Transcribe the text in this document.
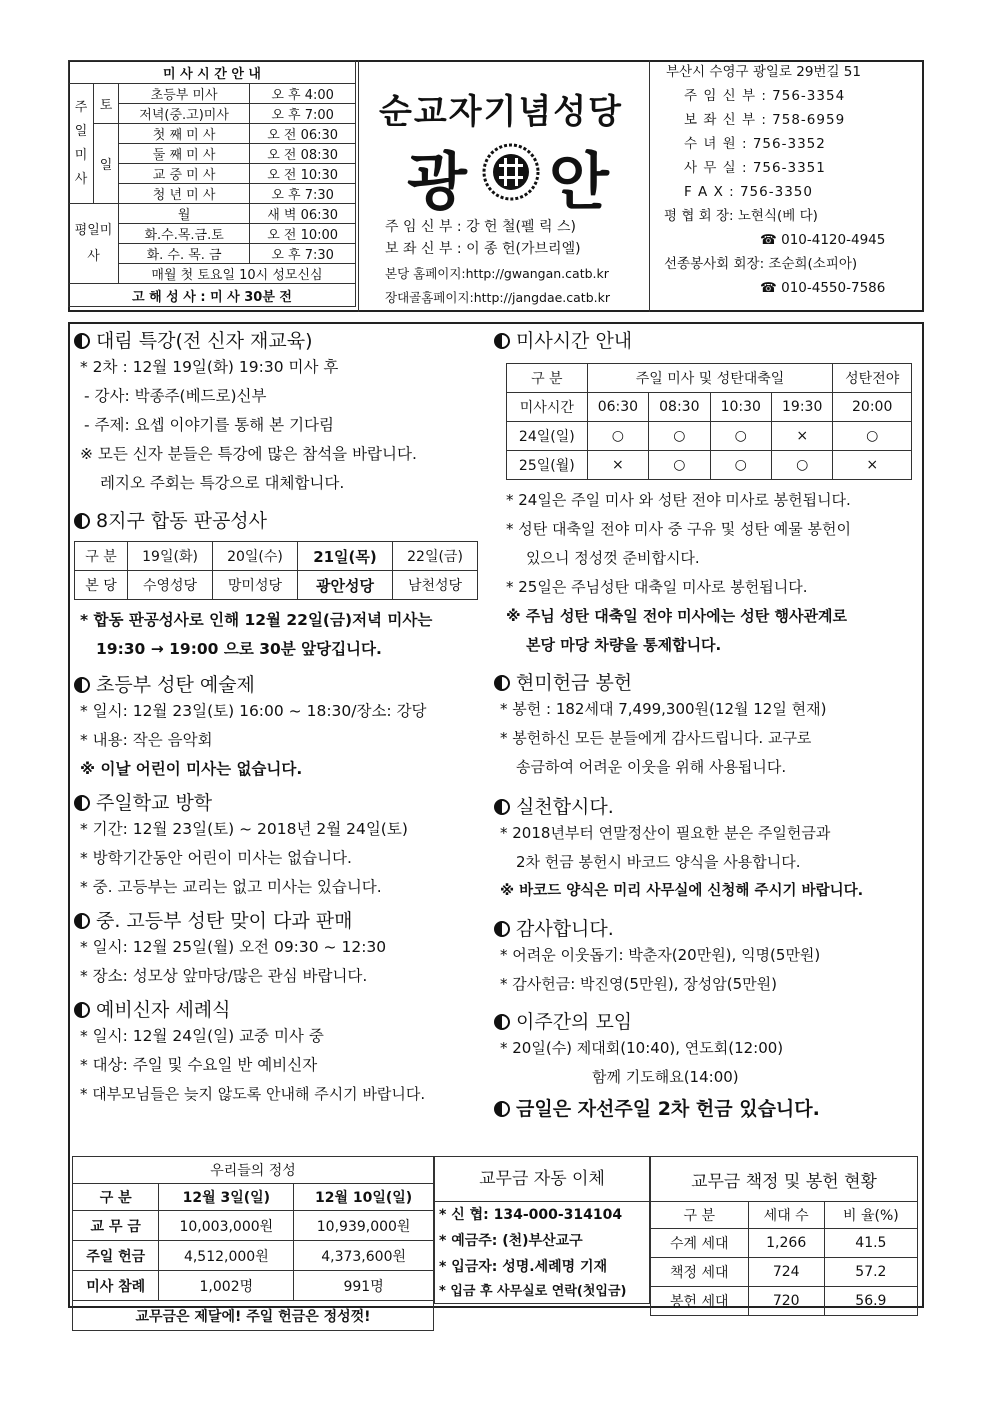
미 사 시 간 안 내			
주일미사	토	초등부 미사	오 후 4:00
		저녁(중.고)미사	오 후 7:00
	일	첫 째 미 사	오 전 06:30
		둘 째 미 사	오 전 08:30
		교 중 미 사	오 전 10:30
		청 년 미 사	오 후 7:30
평일미사		월	새 벽 06:30
		화.수.목.금.토	오 전 10:00
		화. 수. 목. 금	오 후 7:30
		매월 첫 토요일 10시 성모신심	
고 해 성 사 : 미 사 30분 전			
순교자기념성당
광 안
주 임 신 부 : 강 헌 철(펠 릭 스)
보 좌 신 부 : 이 종 헌(가브리엘)
본당 홈페이지:http://gwangan.catb.kr
장대골홈페이지:http://jangdae.catb.kr
부산시 수영구 광일로 29번길 51
주 임 신 부 : 756-3354
보 좌 신 부 : 758-6959
수 녀 원 : 756-3352
사 무 실 : 756-3351
F A X : 756-3350
평 협 회 장: 노현식(베 다)
☎ 010-4120-4945
선종봉사회 회장: 조순희(소피아)
☎ 010-4550-7586
대림 특강(전 신자 재교육)
* 2차 : 12월 19일(화) 19:30 미사 후
- 강사: 박종주(베드로)신부
- 주제: 요셉 이야기를 통해 본 기다림
※ 모든 신자 분들은 특강에 많은 참석을 바랍니다.
레지오 주회는 특강으로 대체합니다.
8지구 합동 판공성사
구 분	19일(화)	20일(수)	21일(목)	22일(금)
본 당	수영성당	망미성당	광안성당	남천성당
* 합동 판공성사로 인해 12월 22일(금)저녁 미사는
19:30 → 19:00 으로 30분 앞당깁니다.
초등부 성탄 예술제
* 일시: 12월 23일(토) 16:00 ~ 18:30/장소: 강당
* 내용: 작은 음악회
※ 이날 어린이 미사는 없습니다.
주일학교 방학
* 기간: 12월 23일(토) ~ 2018년 2월 24일(토)
* 방학기간동안 어린이 미사는 없습니다.
* 중. 고등부는 교리는 없고 미사는 있습니다.
중. 고등부 성탄 맞이 다과 판매
* 일시: 12월 25일(월) 오전 09:30 ~ 12:30
* 장소: 성모상 앞마당/많은 관심 바랍니다.
예비신자 세례식
* 일시: 12월 24일(일) 교중 미사 중
* 대상: 주일 및 수요일 반 예비신자
* 대부모님들은 늦지 않도록 안내해 주시기 바랍니다.
미사시간 안내
구 분	주일 미사 및 성탄대축일				성탄전야
미사시간	06:30	08:30	10:30	19:30	20:00
24일(일)	○	○	○	×	○
25일(월)	×	○	○	○	×
* 24일은 주일 미사 와 성탄 전야 미사로 봉헌됩니다.
* 성탄 대축일 전야 미사 중 구유 및 성탄 예물 봉헌이
있으니 정성껏 준비합시다.
* 25일은 주님성탄 대축일 미사로 봉헌됩니다.
※ 주님 성탄 대축일 전야 미사에는 성탄 행사관계로
본당 마당 차량을 통제합니다.
현미헌금 봉헌
* 봉헌 : 182세대 7,499,300원(12월 12일 현재)
* 봉헌하신 모든 분들에게 감사드립니다. 교구로
송금하여 어려운 이웃을 위해 사용됩니다.
실천합시다.
* 2018년부터 연말정산이 필요한 분은 주일헌금과
2차 헌금 봉헌시 바코드 양식을 사용합니다.
※ 바코드 양식은 미리 사무실에 신청해 주시기 바랍니다.
감사합니다.
* 어려운 이웃돕기: 박춘자(20만원), 익명(5만원)
* 감사헌금: 박진영(5만원), 장성암(5만원)
이주간의 모임
* 20일(수) 제대회(10:40), 연도회(12:00)
함께 기도해요(14:00)
금일은 자선주일 2차 헌금 있습니다.
우리들의 정성		
구 분	12월 3일(일)	12월 10일(일)
교 무 금	10,003,000원	10,939,000원
주일 헌금	4,512,000원	4,373,600원
미사 참례	1,002명	991명
교무금은 제달에! 주일 헌금은 정성껏!		
교무금 자동 이체
* 신 협: 134-000-314104
* 예금주: (천)부산교구
* 입금자: 성명.세례명 기재
* 입금 후 사무실로 연락(첫입금)
교무금 책정 및 봉헌 현황		
구 분	세대 수	비 율(%)
수계 세대	1,266	41.5
책정 세대	724	57.2
봉헌 세대	720	56.9
